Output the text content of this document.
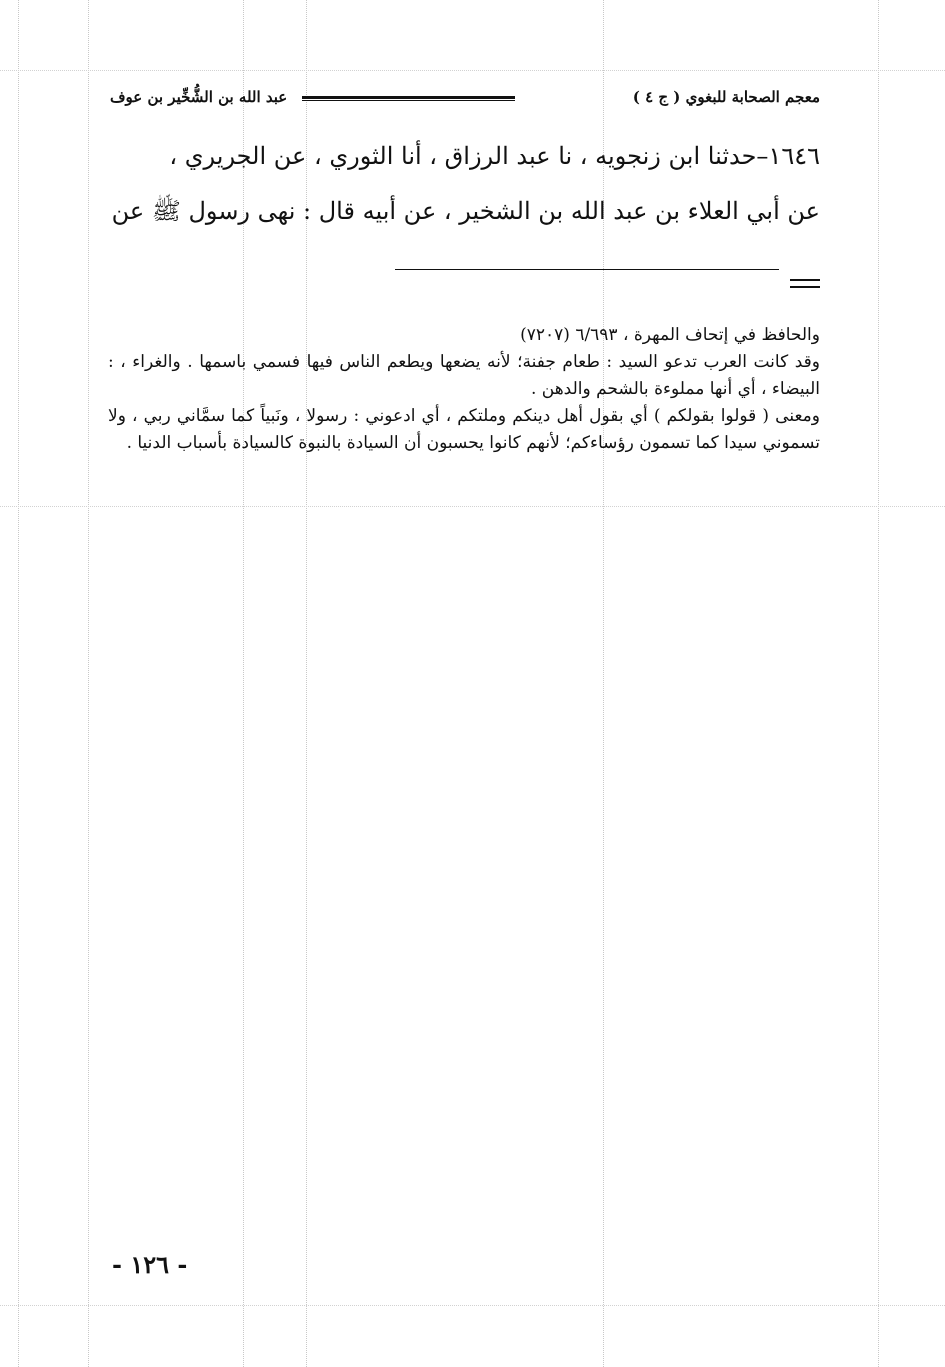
معجم الصحابة للبغوي ( ج ٤ )
عبد الله بن الشُّخِّير بن عوف
١٦٤٦–حدثنا ابن زنجويه ، نا عبد الرزاق ، أنا الثوري ، عن الجريري ،
عن أبي العلاء بن عبد الله بن الشخير ، عن أبيه قال : نهى رسول ﷺ عن

والحافظ في إتحاف المهرة ، ٦/٦٩٣ (٧٢٠٧)

وقد كانت العرب تدعو السيد : طعام جفنة؛ لأنه يضعها ويطعم الناس فيها فسمي باسمها . والغراء ، : البيضاء ، أي أنها مملوءة بالشحم والدهن .

ومعنى ( قولوا بقولكم ) أي بقول أهل دينكم وملتكم ، أي ادعوني : رسولا ، ونَبياً كما سمَّاني ربي ، ولا تسموني سيدا كما تسمون رؤساءكم؛ لأنهم كانوا يحسبون أن السيادة بالنبوة كالسيادة بأسباب الدنيا .

- ١٢٦ -
